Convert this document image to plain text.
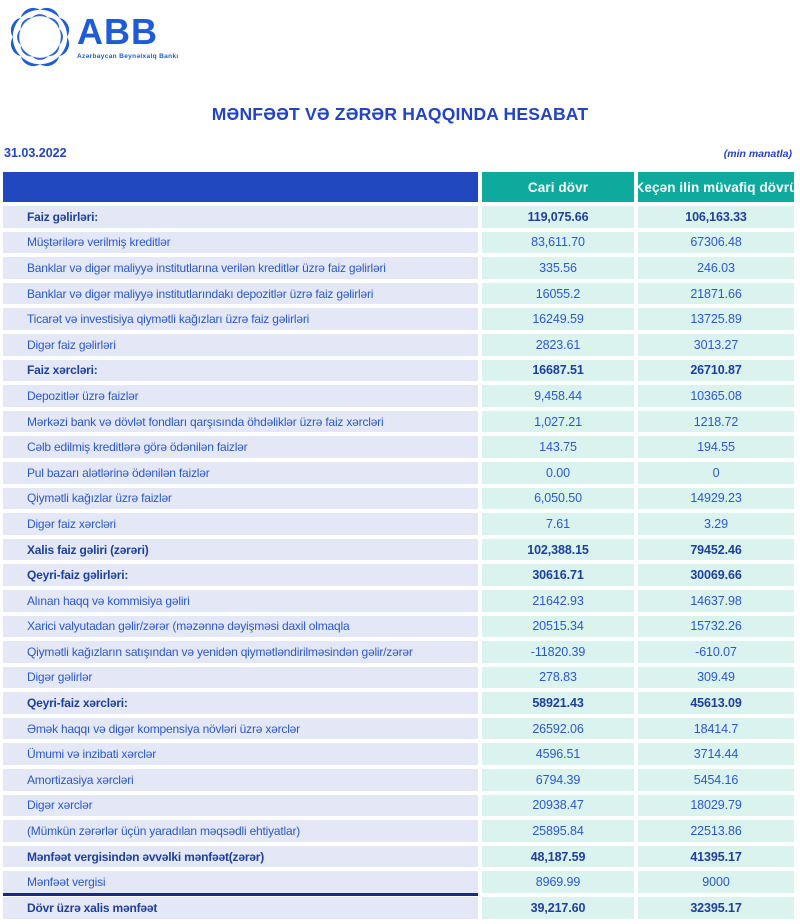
ABB
Azərbaycan Beynəlxalq Bankı
MƏNFƏƏT VƏ ZƏRƏR HAQQINDA HESABAT
31.03.2022	(min manatla)
Cari dövr	Keçən ilin müvafiq dövrü
Faiz gəlirləri:	119,075.66	106,163.33
Müştərilərə verilmiş kreditlər	83,611.70	67306.48
Banklar və digər maliyyə institutlarına verilən kreditlər üzrə faiz gəlirləri	335.56	246.03
Banklar və digər maliyyə institutlarındakı depozitlər üzrə faiz gəlirləri	16055.2	21871.66
Ticarət və investisiya qiymətli kağızları üzrə faiz gəlirləri	16249.59	13725.89
Digər faiz gəlirləri	2823.61	3013.27
Faiz xərcləri:	16687.51	26710.87
Depozitlər üzrə faizlər	9,458.44	10365.08
Mərkəzi bank və dövlət fondları qarşısında öhdəliklər üzrə faiz xərcləri	1,027.21	1218.72
Cəlb edilmiş kreditlərə görə ödənilən faizlər	143.75	194.55
Pul bazarı alətlərinə ödənilən faizlər	0.00	0
Qiymətli kağızlar üzrə faizlər	6,050.50	14929.23
Digər faiz xərcləri	7.61	3.29
Xalis faiz gəliri (zərəri)	102,388.15	79452.46
Qeyri-faiz gəlirləri:	30616.71	30069.66
Alınan haqq və kommisiya gəliri	21642.93	14637.98
Xarici valyutadan gəlir/zərər (məzənnə dəyişməsi daxil olmaqla	20515.34	15732.26
Qiymətli kağızların satışından və yenidən qiymətləndirilməsindən gəlir/zərər	-11820.39	-610.07
Digər gəlirlər	278.83	309.49
Qeyri-faiz xərcləri:	58921.43	45613.09
Əmək haqqı və digər kompensiya növləri üzrə xərclər	26592.06	18414.7
Ümumi və inzibati xərclər	4596.51	3714.44
Amortizasiya xərcləri	6794.39	5454.16
Digər xərclər	20938.47	18029.79
(Mümkün zərərlər üçün yaradılan məqsədli ehtiyatlar)	25895.84	22513.86
Mənfəət vergisindən əvvəlki mənfəət(zərər)	48,187.59	41395.17
Mənfəət vergisi	8969.99	9000
Dövr üzrə xalis mənfəət	39,217.60	32395.17
